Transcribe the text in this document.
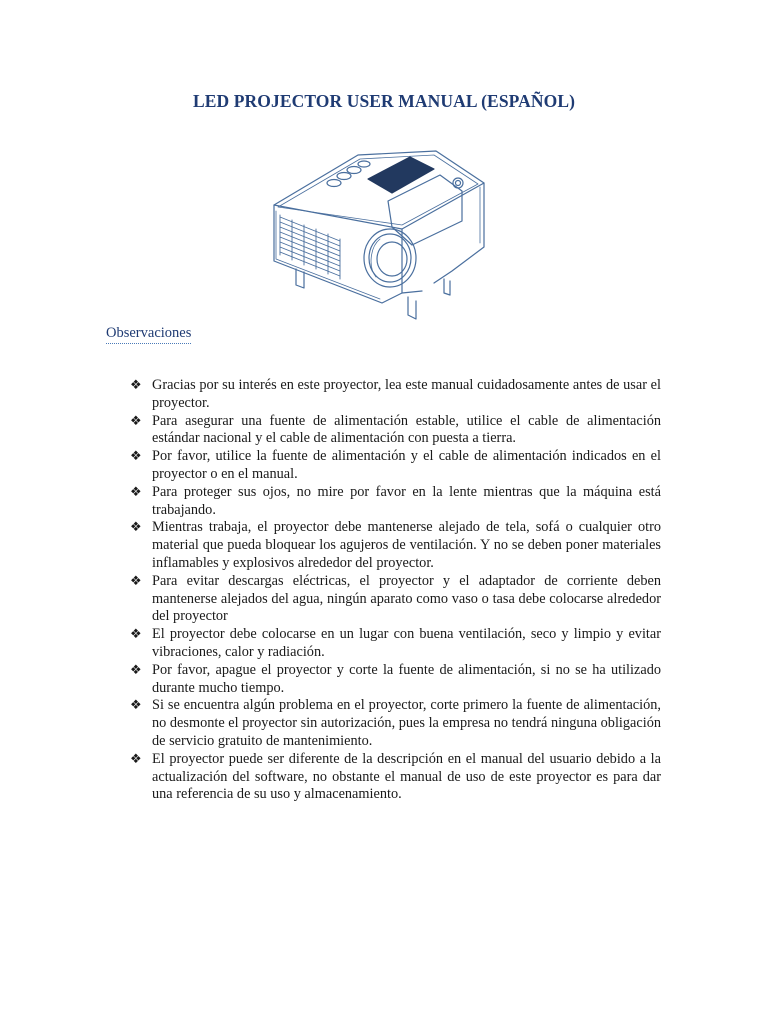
LED PROJECTOR USER MANUAL (ESPAÑOL)
Observaciones
❖ Gracias por su interés en este proyector, lea este manual cuidadosamente antes de usar el proyector.
❖ Para asegurar una fuente de alimentación estable, utilice el cable de alimentación estándar nacional y el cable de alimentación con puesta a tierra.
❖ Por favor, utilice la fuente de alimentación y el cable de alimentación indicados en el proyector o en el manual.
❖ Para proteger sus ojos, no mire por favor en la lente mientras que la máquina está trabajando.
❖ Mientras trabaja, el proyector debe mantenerse alejado de tela, sofá o cualquier otro material que pueda bloquear los agujeros de ventilación. Y no se deben poner materiales inflamables y explosivos alrededor del proyector.
❖ Para evitar descargas eléctricas, el proyector y el adaptador de corriente deben mantenerse alejados del agua, ningún aparato como vaso o tasa debe colocarse alrededor del proyector
❖ El proyector debe colocarse en un lugar con buena ventilación, seco y limpio y evitar vibraciones, calor y radiación.
❖ Por favor, apague el proyector y corte la fuente de alimentación, si no se ha utilizado durante mucho tiempo.
❖ Si se encuentra algún problema en el proyector, corte primero la fuente de alimentación, no desmonte el proyector sin autorización, pues la empresa no tendrá ninguna obligación de servicio gratuito de mantenimiento.
❖ El proyector puede ser diferente de la descripción en el manual del usuario debido a la actualización del software, no obstante el manual de uso de este proyector es para dar una referencia de su uso y almacenamiento.
